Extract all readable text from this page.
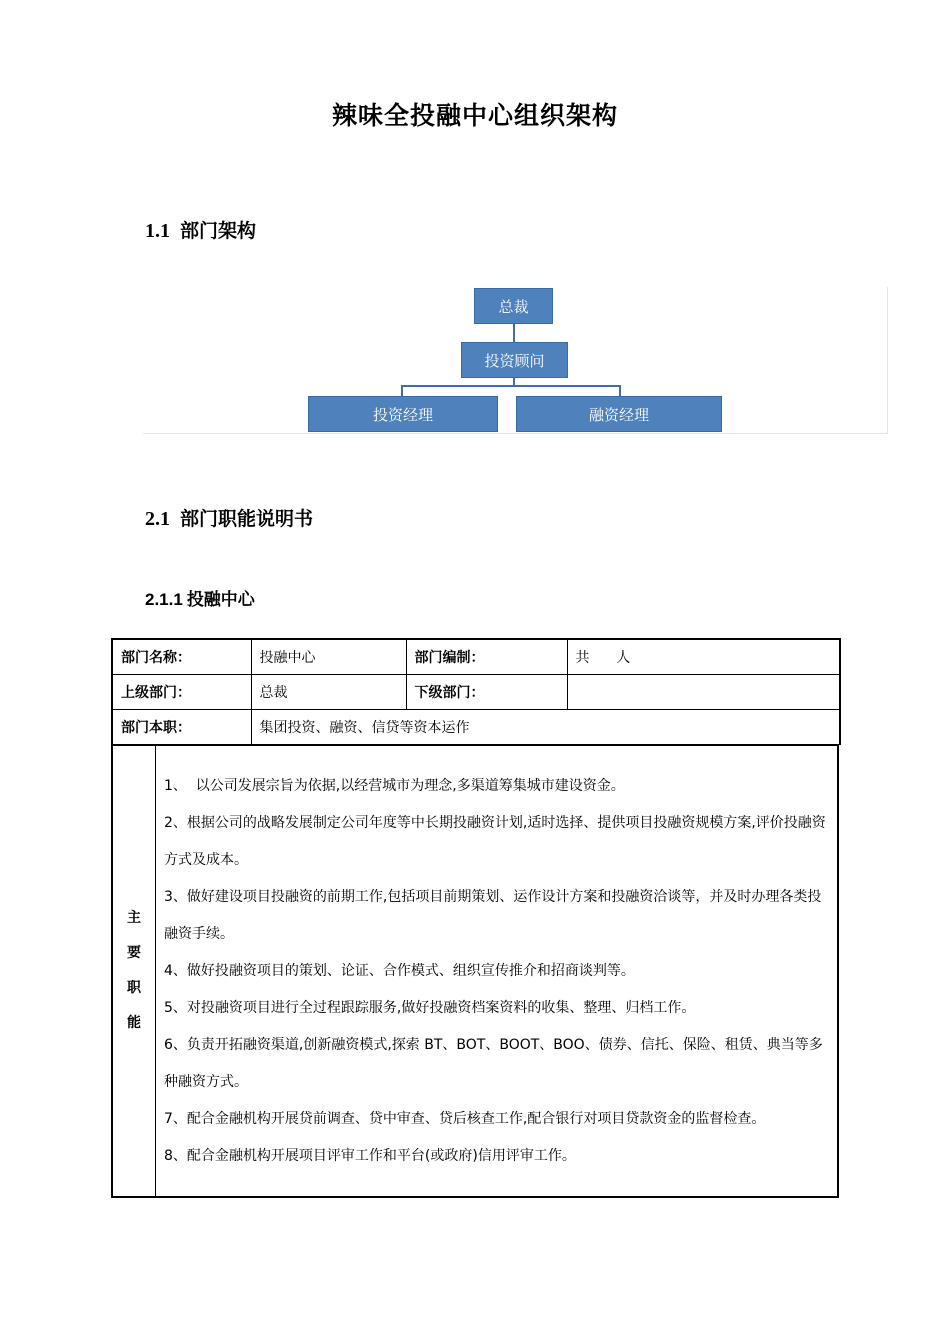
辣味全投融中心组织架构
1.1 部门架构
总裁
投资顾问
投资经理	融资经理
2.1 部门职能说明书
2.1.1 投融中心
部门名称：	投融中心	部门编制：	共      人
上级部门：	总裁	下级部门：	
部门本职：	集团投资、融资、信贷等资本运作		
主
要
职
能

1、  以公司发展宗旨为依据,以经营城市为理念,多渠道筹集城市建设资金。

2、根据公司的战略发展制定公司年度等中长期投融资计划,适时选择、提供项目投融资规模方案,评价投融资方式及成本。

3、做好建设项目投融资的前期工作,包括项目前期策划、运作设计方案和投融资洽谈等，并及时办理各类投融资手续。

4、做好投融资项目的策划、论证、合作模式、组织宣传推介和招商谈判等。

5、对投融资项目进行全过程跟踪服务,做好投融资档案资料的收集、整理、归档工作。

6、负责开拓融资渠道,创新融资模式,探索 BT、BOT、BOOT、BOO、债券、信托、保险、租赁、典当等多种融资方式。

7、配合金融机构开展贷前调查、贷中审查、贷后核查工作,配合银行对项目贷款资金的监督检查。

8、配合金融机构开展项目评审工作和平台(或政府)信用评审工作。
